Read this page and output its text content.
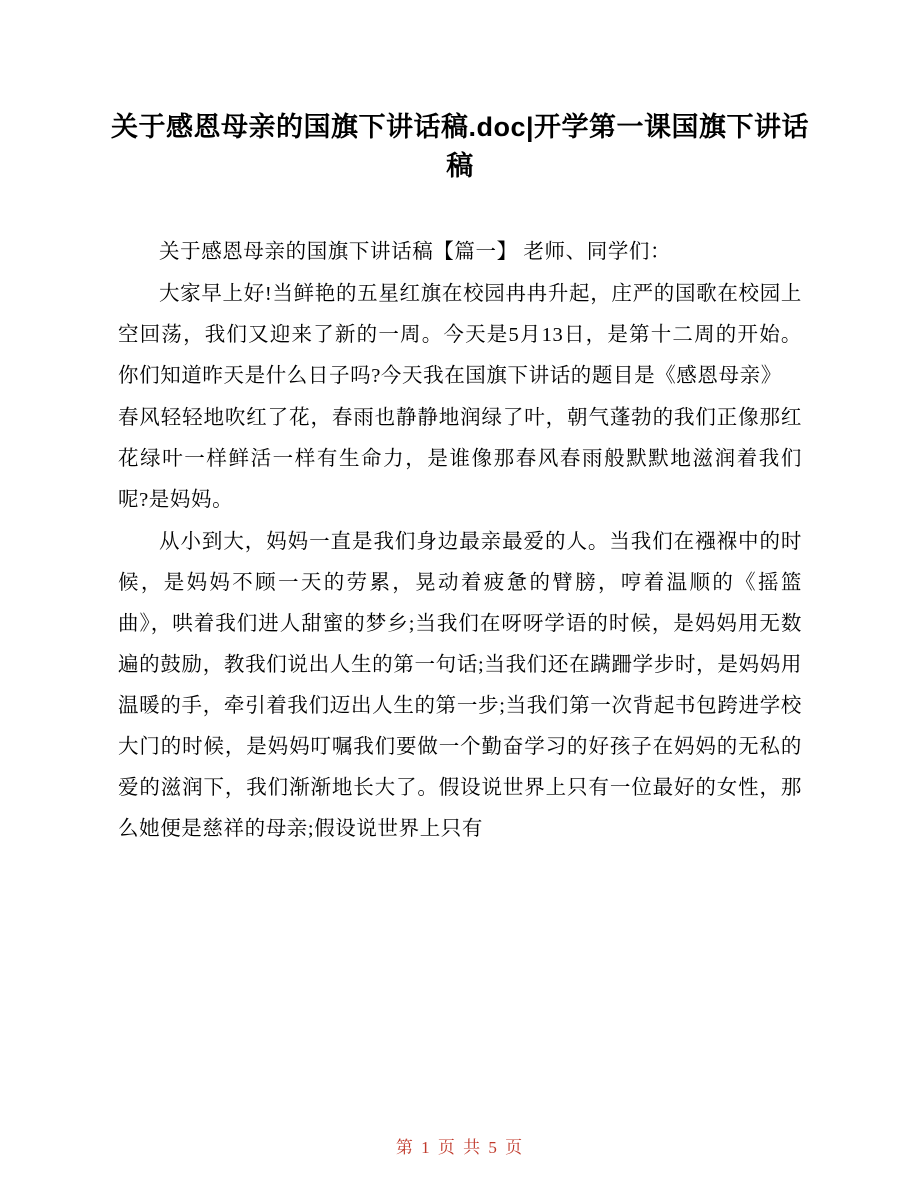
关于感恩母亲的国旗下讲话稿.doc|开学第一课国旗下讲话稿

关于感恩母亲的国旗下讲话稿【篇一】 老师、同学们：

大家早上好!当鲜艳的五星红旗在校园冉冉升起，庄严的国歌在校园上空回荡，我们又迎来了新的一周。今天是5月13日，是第十二周的开始。你们知道昨天是什么日子吗?今天我在国旗下讲话的题目是《感恩母亲》

春风轻轻地吹红了花，春雨也静静地润绿了叶，朝气蓬勃的我们正像那红花绿叶一样鲜活一样有生命力，是谁像那春风春雨般默默地滋润着我们呢?是妈妈。

从小到大，妈妈一直是我们身边最亲最爱的人。当我们在襁褓中的时候，是妈妈不顾一天的劳累，晃动着疲惫的臂膀，哼着温顺的《摇篮曲》，哄着我们进人甜蜜的梦乡;当我们在呀呀学语的时候，是妈妈用无数遍的鼓励，教我们说出人生的第一句话;当我们还在蹒跚学步时，是妈妈用温暖的手，牵引着我们迈出人生的第一步;当我们第一次背起书包跨进学校大门的时候，是妈妈叮嘱我们要做一个勤奋学习的好孩子在妈妈的无私的爱的滋润下，我们渐渐地长大了。假设说世界上只有一位最好的女性，那么她便是慈祥的母亲;假设说世界上只有

第 1 页 共 5 页
